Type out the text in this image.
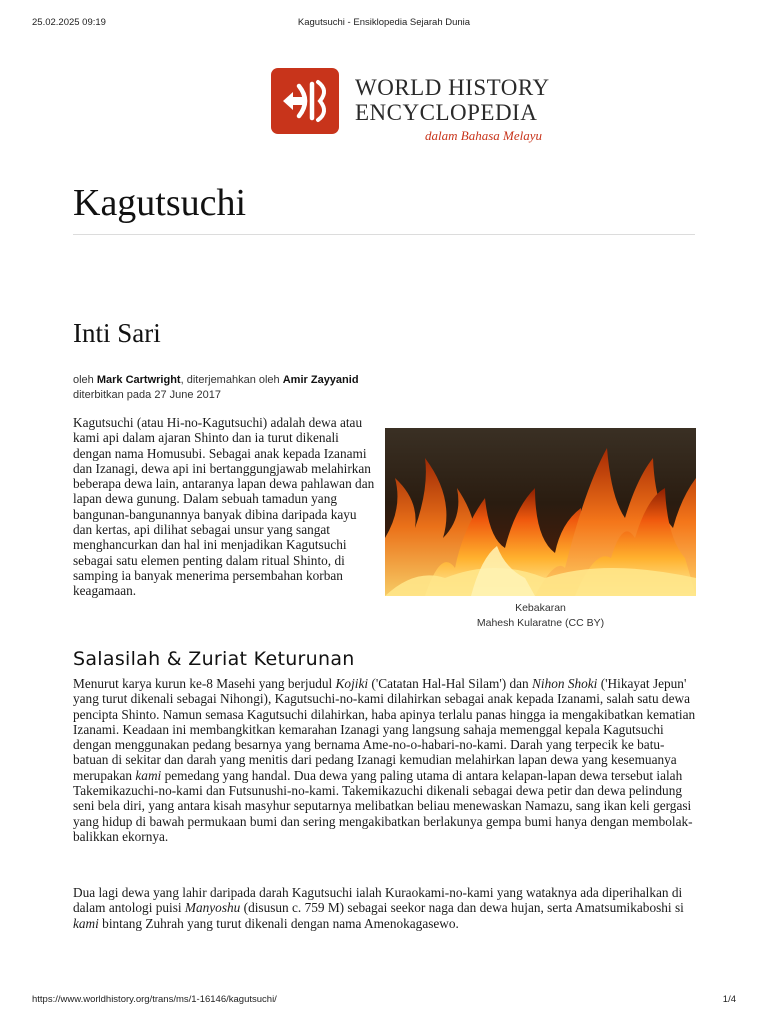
25.02.2025 09:19	Kagutsuchi - Ensiklopedia Sejarah Dunia
WORLD HISTORY
ENCYCLOPEDIA
dalam Bahasa Melayu
Kagutsuchi
Inti Sari
oleh Mark Cartwright, diterjemahkan oleh Amir Zayyanid
diterbitkan pada 27 June 2017

Kagutsuchi (atau Hi-no-Kagutsuchi) adalah dewa atau kami api dalam ajaran Shinto dan ia turut dikenali dengan nama Homusubi. Sebagai anak kepada Izanami dan Izanagi, dewa api ini bertanggungjawab melahirkan beberapa dewa lain, antaranya lapan dewa pahlawan dan lapan dewa gunung. Dalam sebuah tamadun yang bangunan-bangunannya banyak dibina daripada kayu dan kertas, api dilihat sebagai unsur yang sangat menghancurkan dan hal ini menjadikan Kagutsuchi sebagai satu elemen penting dalam ritual Shinto, di samping ia banyak menerima persembahan korban keagamaan.

Kebakaran
Mahesh Kularatne (CC BY)
Salasilah & Zuriat Keturunan

Menurut karya kurun ke-8 Masehi yang berjudul Kojiki ('Catatan Hal-Hal Silam') dan Nihon Shoki ('Hikayat Jepun' yang turut dikenali sebagai Nihongi), Kagutsuchi-no-kami dilahirkan sebagai anak kepada Izanami, salah satu dewa pencipta Shinto. Namun semasa Kagutsuchi dilahirkan, haba apinya terlalu panas hingga ia mengakibatkan kematian Izanami. Keadaan ini membangkitkan kemarahan Izanagi yang langsung sahaja memenggal kepala Kagutsuchi dengan menggunakan pedang besarnya yang bernama Ame-no-o-habari-no-kami. Darah yang terpecik ke batu-batuan di sekitar dan darah yang menitis dari pedang Izanagi kemudian melahirkan lapan dewa yang kesemuanya merupakan kami pemedang yang handal. Dua dewa yang paling utama di antara kelapan-lapan dewa tersebut ialah Takemikazuchi-no-kami dan Futsunushi-no-kami. Takemikazuchi dikenali sebagai dewa petir dan dewa pelindung seni bela diri, yang antara kisah masyhur seputarnya melibatkan beliau menewaskan Namazu, sang ikan keli gergasi yang hidup di bawah permukaan bumi dan sering mengakibatkan berlakunya gempa bumi hanya dengan membolak-balikkan ekornya.

Dua lagi dewa yang lahir daripada darah Kagutsuchi ialah Kuraokami-no-kami yang wataknya ada diperihalkan di dalam antologi puisi Manyoshu (disusun c. 759 M) sebagai seekor naga dan dewa hujan, serta Amatsumikaboshi si kami bintang Zuhrah yang turut dikenali dengan nama Amenokagasewo.

https://www.worldhistory.org/trans/ms/1-16146/kagutsuchi/	1/4
